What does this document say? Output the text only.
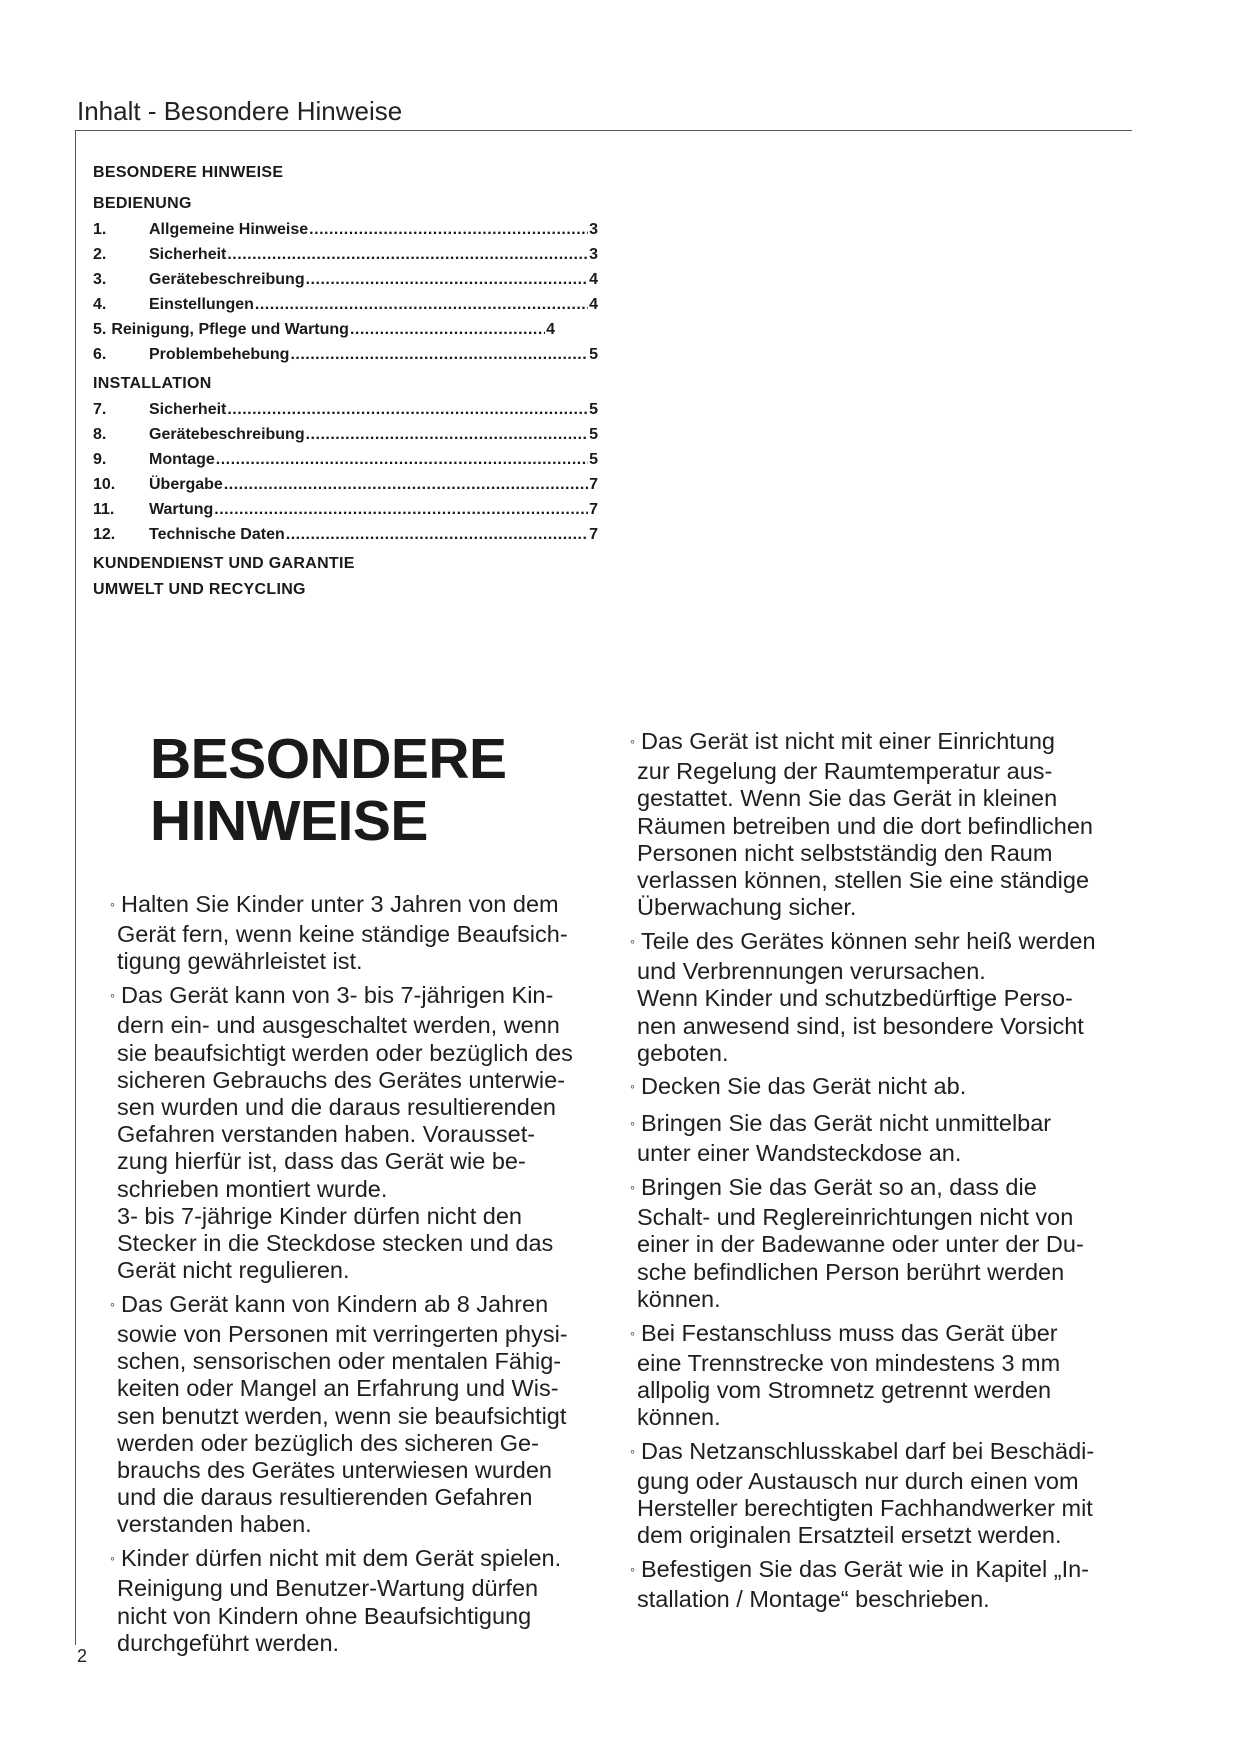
Inhalt - Besondere Hinweise
BESONDERE HINWEISE
BEDIENUNG
1.	Allgemeine Hinweise .....	3
2.	Sicherheit .....	3
3.	Gerätebeschreibung .....	4
4.	Einstellungen .....	4
5. Reinigung, Pflege und Wartung .....	4
6.	Problembehebung .....	5
INSTALLATION
7.	Sicherheit .....	5
8.	Gerätebeschreibung .....	5
9.	Montage .....	5
10.	Übergabe .....	7
11.	Wartung .....	7
12.	Technische Daten .....	7
KUNDENDIENST UND GARANTIE
UMWELT UND RECYCLING
BESONDERE
HINWEISE
◦ Halten Sie Kinder unter 3 Jahren von dem
Gerät fern, wenn keine ständige Beaufsich-
tigung gewährleistet ist.
◦ Das Gerät kann von 3- bis 7-jährigen Kin-
dern ein- und ausgeschaltet werden, wenn
sie beaufsichtigt werden oder bezüglich des
sicheren Gebrauchs des Gerätes unterwie-
sen wurden und die daraus resultierenden
Gefahren verstanden haben. Vorausset-
zung hierfür ist, dass das Gerät wie be-
schrieben montiert wurde.
3- bis 7-jährige Kinder dürfen nicht den
Stecker in die Steckdose stecken und das
Gerät nicht regulieren.
◦ Das Gerät kann von Kindern ab 8 Jahren
sowie von Personen mit verringerten physi-
schen, sensorischen oder mentalen Fähig-
keiten oder Mangel an Erfahrung und Wis-
sen benutzt werden, wenn sie beaufsichtigt
werden oder bezüglich des sicheren Ge-
brauchs des Gerätes unterwiesen wurden
und die daraus resultierenden Gefahren
verstanden haben.
◦ Kinder dürfen nicht mit dem Gerät spielen.
Reinigung und Benutzer-Wartung dürfen
nicht von Kindern ohne Beaufsichtigung
durchgeführt werden.
◦ Das Gerät ist nicht mit einer Einrichtung
zur Regelung der Raumtemperatur aus-
gestattet. Wenn Sie das Gerät in kleinen
Räumen betreiben und die dort befindlichen
Personen nicht selbstständig den Raum
verlassen können, stellen Sie eine ständige
Überwachung sicher.
◦ Teile des Gerätes können sehr heiß werden
und Verbrennungen verursachen.
Wenn Kinder und schutzbedürftige Perso-
nen anwesend sind, ist besondere Vorsicht
geboten.
◦ Decken Sie das Gerät nicht ab.
◦ Bringen Sie das Gerät nicht unmittelbar
unter einer Wandsteckdose an.
◦ Bringen Sie das Gerät so an, dass die
Schalt- und Reglereinrichtungen nicht von
einer in der Badewanne oder unter der Du-
sche befindlichen Person berührt werden
können.
◦ Bei Festanschluss muss das Gerät über
eine Trennstrecke von mindestens 3 mm
allpolig vom Stromnetz getrennt werden
können.
◦ Das Netzanschlusskabel darf bei Beschädi-
gung oder Austausch nur durch einen vom
Hersteller berechtigten Fachhandwerker mit
dem originalen Ersatzteil ersetzt werden.
◦ Befestigen Sie das Gerät wie in Kapitel „In-
stallation / Montage“ beschrieben.
2
